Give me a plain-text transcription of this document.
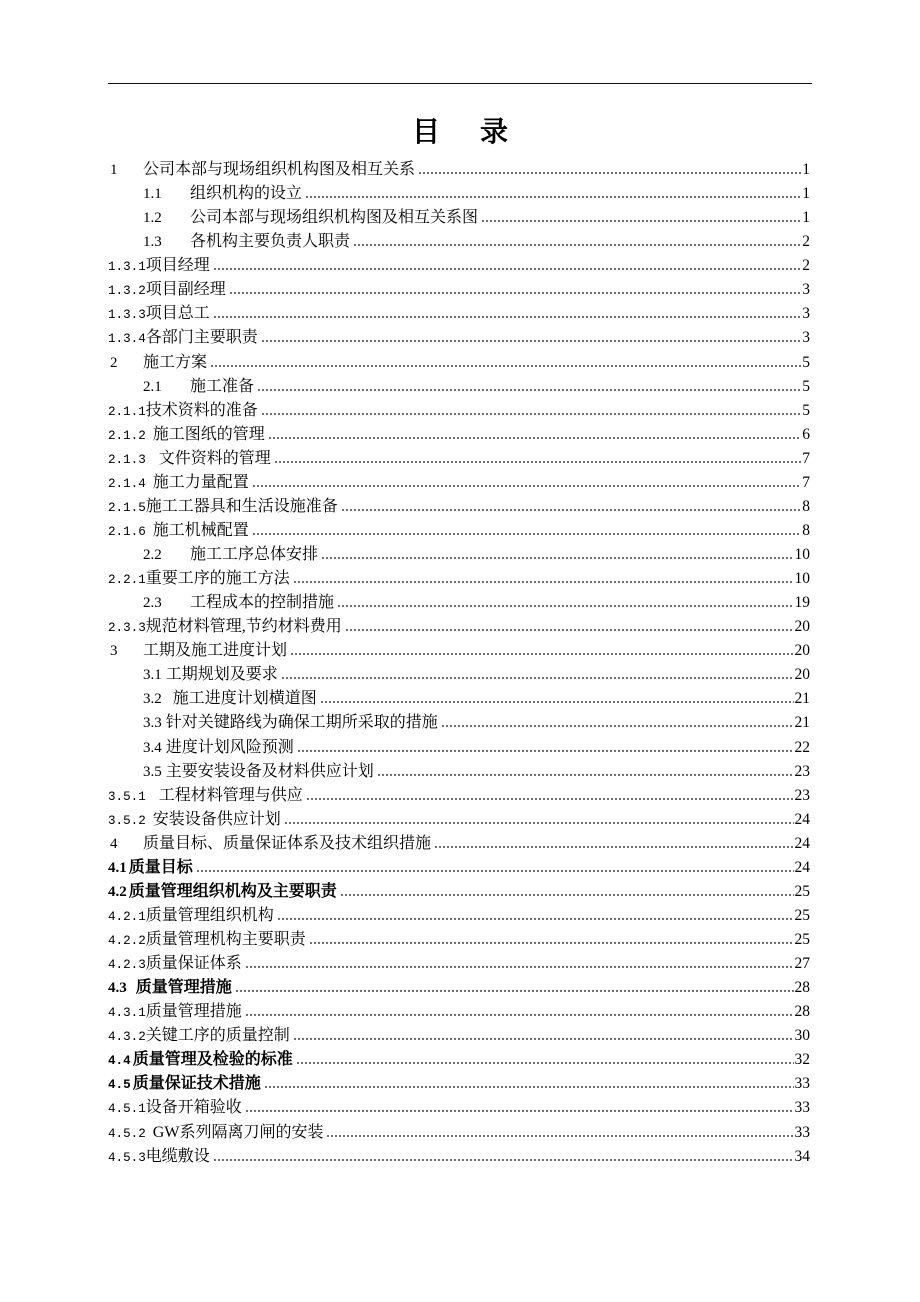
目　录
1	公司本部与现场组织机构图及相互关系	1
1.1	组织机构的设立	1
1.2	公司本部与现场组织机构图及相互关系图	1
1.3	各机构主要负责人职责	2
1.3.1 项目经理	2
1.3.2 项目副经理	3
1.3.3 项目总工	3
1.3.4 各部门主要职责	3
2	施工方案	5
2.1	施工准备	5
2.1.1 技术资料的准备	5
2.1.2 施工图纸的管理	6
2.1.3 文件资料的管理	7
2.1.4 施工力量配置	7
2.1.5 施工工器具和生活设施准备	8
2.1.6 施工机械配置	8
2.2	施工工序总体安排	10
2.2.1 重要工序的施工方法	10
2.3	工程成本的控制措施	19
2.3.3 规范材料管理,节约材料费用	20
3	工期及施工进度计划	20
3.1 工期规划及要求	20
3.2 施工进度计划横道图	21
3.3 针对关键路线为确保工期所采取的措施	21
3.4 进度计划风险预测	22
3.5 主要安装设备及材料供应计划	23
3.5.1 工程材料管理与供应	23
3.5.2 安装设备供应计划	24
4	质量目标、质量保证体系及技术组织措施	24
4.1 质量目标	24
4.2 质量管理组织机构及主要职责	25
4.2.1 质量管理组织机构	25
4.2.2 质量管理机构主要职责	25
4.2.3 质量保证体系	27
4.3 质量管理措施	28
4.3.1 质量管理措施	28
4.3.2 关键工序的质量控制	30
4.4 质量管理及检验的标准	32
4.5 质量保证技术措施	33
4.5.1 设备开箱验收	33
4.5.2 GW系列隔离刀闸的安装	33
4.5.3 电缆敷设	34
